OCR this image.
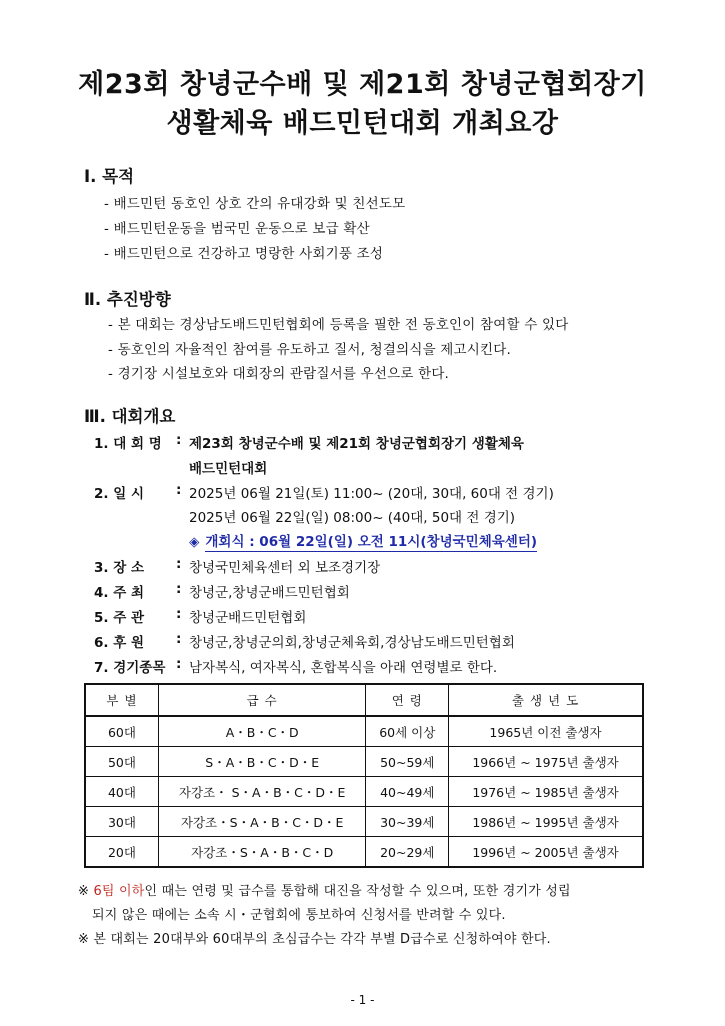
제23회 창녕군수배 및 제21회 창녕군협회장기
생활체육 배드민턴대회 개최요강
Ⅰ. 목적
- 배드민턴 동호인 상호 간의 유대강화 및 친선도모
- 배드민턴운동을 범국민 운동으로 보급 확산
- 배드민턴으로 건강하고 명랑한 사회기풍 조성
Ⅱ. 추진방향
- 본 대회는 경상남도배드민턴협회에 등록을 필한 전 동호인이 참여할 수 있다
- 동호인의 자율적인 참여를 유도하고 질서, 청결의식을 제고시킨다.
- 경기장 시설보호와 대회장의 관람질서를 우선으로 한다.
Ⅲ. 대회개요
1. 대 회 명 : 제23회 창녕군수배 및 제21회 창녕군협회장기 생활체육
배드민턴대회
2. 일 시 : 2025년 06월 21일(토) 11:00~ (20대, 30대, 60대 전 경기)
2025년 06월 22일(일) 08:00~ (40대, 50대 전 경기)
◈ 개회식 : 06월 22일(일) 오전 11시(창녕국민체육센터)
3. 장 소 : 창녕국민체육센터 외 보조경기장
4. 주 최 : 창녕군,창녕군배드민턴협회
5. 주 관 : 창녕군배드민턴협회
6. 후 원 : 창녕군,창녕군의회,창녕군체육회,경상남도배드민턴협회
7. 경기종목 : 남자복식, 여자복식, 혼합복식을 아래 연령별로 한다.
부 별	급 수	연 령	출 생 년 도
60대	A・B・C・D	60세 이상	1965년 이전 출생자
50대	S・A・B・C・D・E	50~59세	1966년 ~ 1975년 출생자
40대	자강조・ S・A・B・C・D・E	40~49세	1976년 ~ 1985년 출생자
30대	자강조・S・A・B・C・D・E	30~39세	1986년 ~ 1995년 출생자
20대	자강조・S・A・B・C・D	20~29세	1996년 ~ 2005년 출생자
※ 6팀 이하인 때는 연령 및 급수를 통합해 대진을 작성할 수 있으며, 또한 경기가 성립
되지 않은 때에는 소속 시・군협회에 통보하여 신청서를 반려할 수 있다.
※ 본 대회는 20대부와 60대부의 초심급수는 각각 부별 D급수로 신청하여야 한다.
- 1 -
